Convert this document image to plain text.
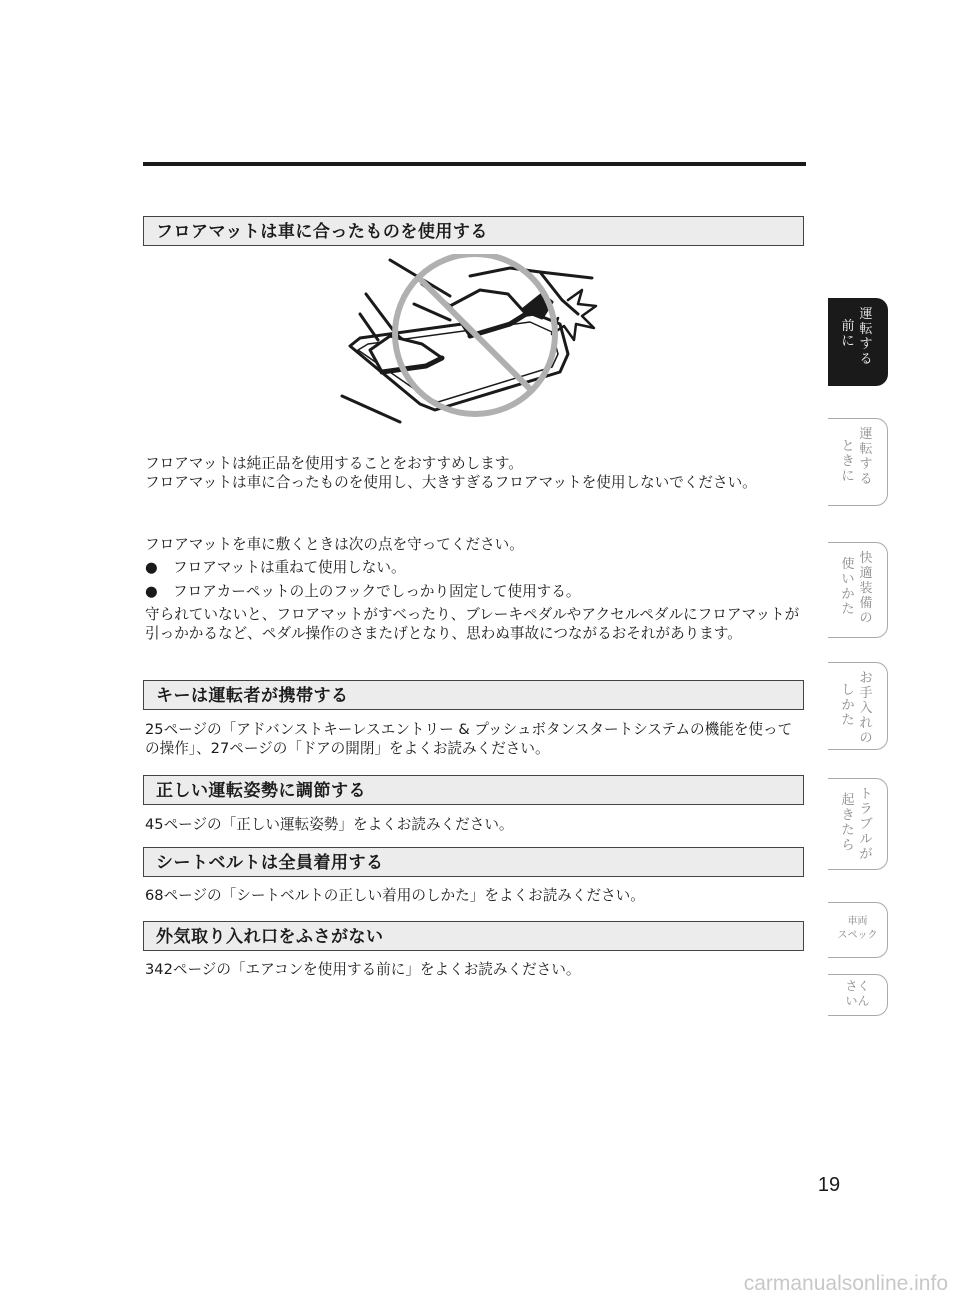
フロアマットは車に合ったものを使用する

フロアマットは純正品を使用することをおすすめします。

フロアマットは車に合ったものを使用し、大きすぎるフロアマットを使用しないでください。

フロアマットを車に敷くときは次の点を守ってください。

● フロアマットは重ねて使用しない。

● フロアカーペットの上のフックでしっかり固定して使用する。

守られていないと、フロアマットがすべったり、ブレーキペダルやアクセルペダルにフロアマットが引っかかるなど、ペダル操作のさまたげとなり、思わぬ事故につながるおそれがあります。

キーは運転者が携帯する

25ページの「アドバンストキーレスエントリー & プッシュボタンスタートシステムの機能を使っての操作」、27ページの「ドアの開閉」をよくお読みください。

正しい運転姿勢に調節する

45ページの「正しい運転姿勢」をよくお読みください。

シートベルトは全員着用する

68ページの「シートベルトの正しい着用のしかた」をよくお読みください。

外気取り入れ口をふさがない

342ページの「エアコンを使用する前に」をよくお読みください。

運転する
前に
運転する
ときに
快適装備の
使いかた
お手入れの
しかた
トラブルが
起きたら
車両
スペック
さく
いん
19
carmanualsonline.info
